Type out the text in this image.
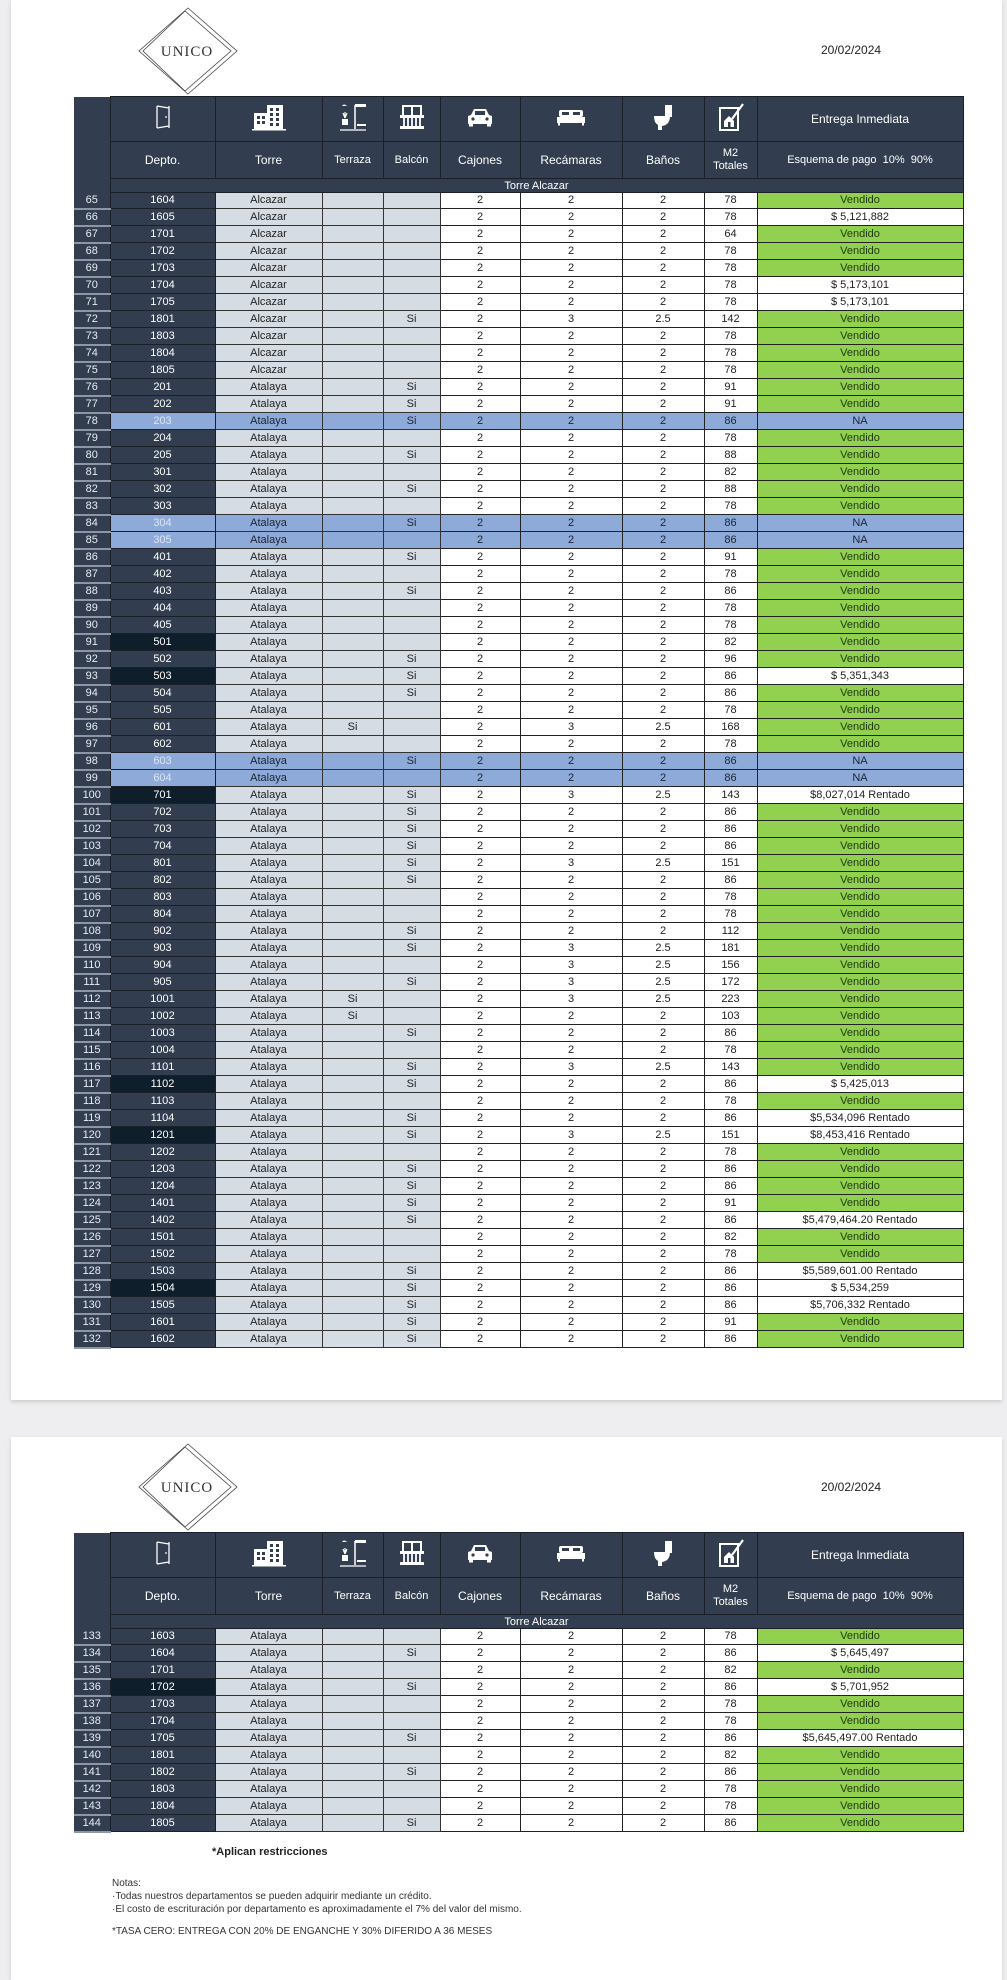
UNICO	20/02/2024

	Entrega Inmediata
	Depto.	Torre	Terraza	Balcón	Cajones	Recámaras	Baños	M2
Totales	Esquema de pago  10%  90%
	Torre Alcazar								
65	1604	Alcazar			2	2	2	78	Vendido
66	1605	Alcazar			2	2	2	78	$ 5,121,882
67	1701	Alcazar			2	2	2	64	Vendido
68	1702	Alcazar			2	2	2	78	Vendido
69	1703	Alcazar			2	2	2	78	Vendido
70	1704	Alcazar			2	2	2	78	$ 5,173,101
71	1705	Alcazar			2	2	2	78	$ 5,173,101
72	1801	Alcazar		Si	2	3	2.5	142	Vendido
73	1803	Alcazar			2	2	2	78	Vendido
74	1804	Alcazar			2	2	2	78	Vendido
75	1805	Alcazar			2	2	2	78	Vendido
76	201	Atalaya		Si	2	2	2	91	Vendido
77	202	Atalaya		Si	2	2	2	91	Vendido
78	203	Atalaya		Si	2	2	2	86	NA
79	204	Atalaya			2	2	2	78	Vendido
80	205	Atalaya		Si	2	2	2	88	Vendido
81	301	Atalaya			2	2	2	82	Vendido
82	302	Atalaya		Si	2	2	2	88	Vendido
83	303	Atalaya			2	2	2	78	Vendido
84	304	Atalaya		Si	2	2	2	86	NA
85	305	Atalaya			2	2	2	86	NA
86	401	Atalaya		Si	2	2	2	91	Vendido
87	402	Atalaya			2	2	2	78	Vendido
88	403	Atalaya		Si	2	2	2	86	Vendido
89	404	Atalaya			2	2	2	78	Vendido
90	405	Atalaya			2	2	2	78	Vendido
91	501	Atalaya			2	2	2	82	Vendido
92	502	Atalaya		Si	2	2	2	96	Vendido
93	503	Atalaya		Si	2	2	2	86	$ 5,351,343
94	504	Atalaya		Si	2	2	2	86	Vendido
95	505	Atalaya			2	2	2	78	Vendido
96	601	Atalaya	Si		2	3	2.5	168	Vendido
97	602	Atalaya			2	2	2	78	Vendido
98	603	Atalaya		Si	2	2	2	86	NA
99	604	Atalaya			2	2	2	86	NA
100	701	Atalaya		Si	2	3	2.5	143	$8,027,014 Rentado
101	702	Atalaya		Si	2	2	2	86	Vendido
102	703	Atalaya		Si	2	2	2	86	Vendido
103	704	Atalaya		Si	2	2	2	86	Vendido
104	801	Atalaya		Si	2	3	2.5	151	Vendido
105	802	Atalaya		Si	2	2	2	86	Vendido
106	803	Atalaya			2	2	2	78	Vendido
107	804	Atalaya			2	2	2	78	Vendido
108	902	Atalaya		Si	2	2	2	112	Vendido
109	903	Atalaya		Si	2	3	2.5	181	Vendido
110	904	Atalaya			2	3	2.5	156	Vendido
111	905	Atalaya		Si	2	3	2.5	172	Vendido
112	1001	Atalaya	Si		2	3	2.5	223	Vendido
113	1002	Atalaya	Si		2	2	2	103	Vendido
114	1003	Atalaya		Si	2	2	2	86	Vendido
115	1004	Atalaya			2	2	2	78	Vendido
116	1101	Atalaya		Si	2	3	2.5	143	Vendido
117	1102	Atalaya		Si	2	2	2	86	$ 5,425,013
118	1103	Atalaya			2	2	2	78	Vendido
119	1104	Atalaya		Si	2	2	2	86	$5,534,096 Rentado
120	1201	Atalaya		Si	2	3	2.5	151	$8,453,416 Rentado
121	1202	Atalaya			2	2	2	78	Vendido
122	1203	Atalaya		Si	2	2	2	86	Vendido
123	1204	Atalaya		Si	2	2	2	86	Vendido
124	1401	Atalaya		Si	2	2	2	91	Vendido
125	1402	Atalaya		Si	2	2	2	86	$5,479,464.20 Rentado
126	1501	Atalaya			2	2	2	82	Vendido
127	1502	Atalaya			2	2	2	78	Vendido
128	1503	Atalaya		Si	2	2	2	86	$5,589,601.00 Rentado
129	1504	Atalaya		Si	2	2	2	86	$ 5,534,259
130	1505	Atalaya		Si	2	2	2	86	$5,706,332 Rentado
131	1601	Atalaya		Si	2	2	2	91	Vendido
132	1602	Atalaya		Si	2	2	2	86	Vendido
UNICO	20/02/2024

	Entrega Inmediata
	Depto.	Torre	Terraza	Balcón	Cajones	Recámaras	Baños	M2
Totales	Esquema de pago  10%  90%
	Torre Alcazar								
133	1603	Atalaya			2	2	2	78	Vendido
134	1604	Atalaya		Si	2	2	2	86	$ 5,645,497
135	1701	Atalaya			2	2	2	82	Vendido
136	1702	Atalaya		Si	2	2	2	86	$ 5,701,952
137	1703	Atalaya			2	2	2	78	Vendido
138	1704	Atalaya			2	2	2	78	Vendido
139	1705	Atalaya		Si	2	2	2	86	$5,645,497.00 Rentado
140	1801	Atalaya			2	2	2	82	Vendido
141	1802	Atalaya		Si	2	2	2	86	Vendido
142	1803	Atalaya			2	2	2	78	Vendido
143	1804	Atalaya			2	2	2	78	Vendido
144	1805	Atalaya		Si	2	2	2	86	Vendido
*Aplican restricciones
Notas:
·Todas nuestros departamentos se pueden adquirir mediante un crédito.
·El costo de escrituración por departamento es aproximadamente el 7% del valor del mismo.
*TASA CERO: ENTREGA CON 20% DE ENGANCHE Y 30% DIFERIDO A 36 MESES
